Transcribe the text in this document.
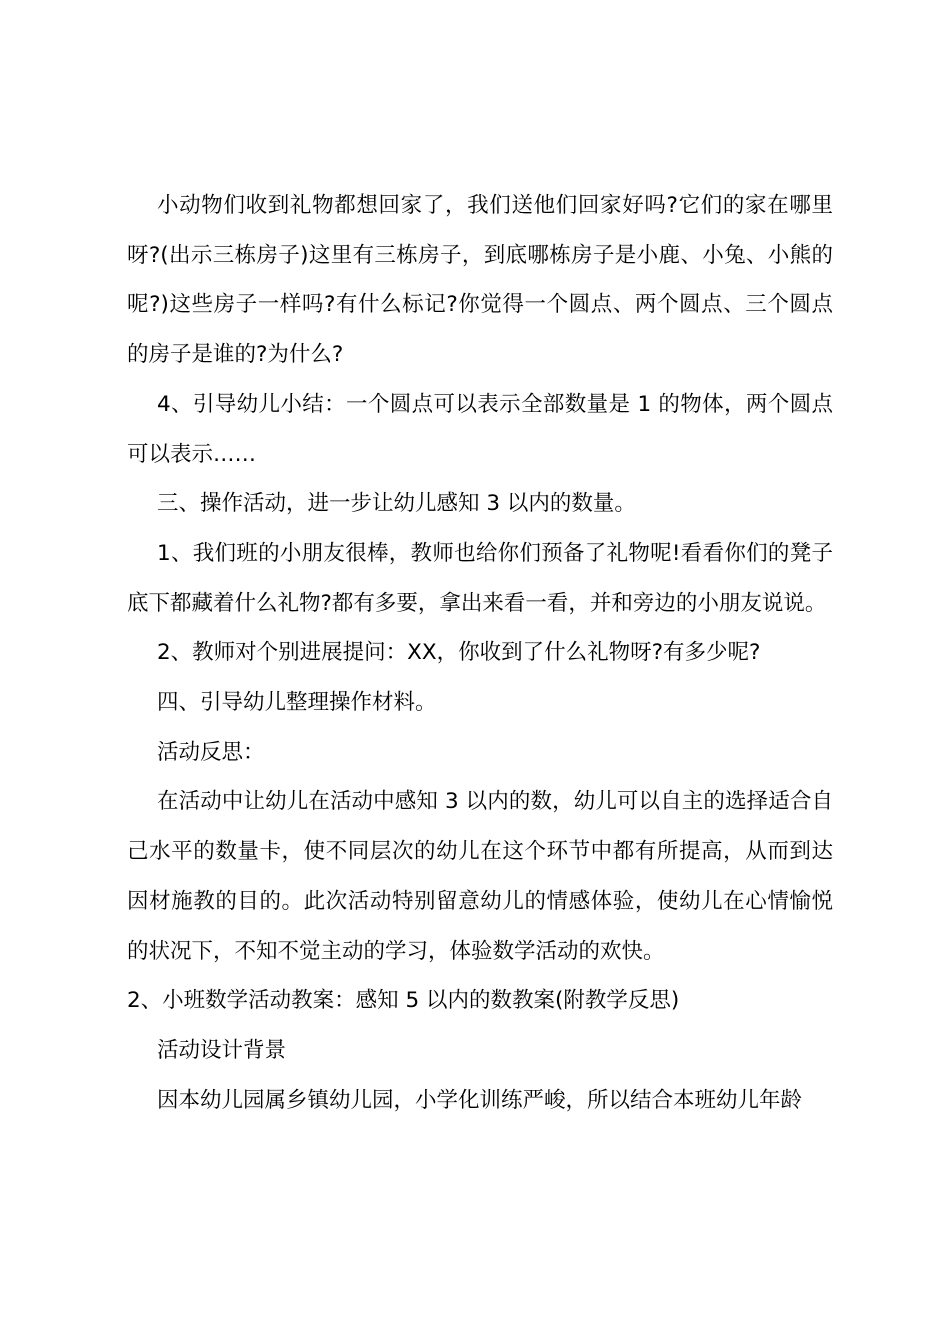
小动物们收到礼物都想回家了，我们送他们回家好吗?它们的家在哪里呀?(出示三栋房子)这里有三栋房子，到底哪栋房子是小鹿、小兔、小熊的呢?)这些房子一样吗?有什么标记?你觉得一个圆点、两个圆点、三个圆点的房子是谁的?为什么?

4、引导幼儿小结：一个圆点可以表示全部数量是 1 的物体，两个圆点可以表示……

三、操作活动，进一步让幼儿感知 3 以内的数量。

1、我们班的小朋友很棒，教师也给你们预备了礼物呢!看看你们的凳子底下都藏着什么礼物?都有多要，拿出来看一看，并和旁边的小朋友说说。

2、教师对个别进展提问：XX，你收到了什么礼物呀?有多少呢?

四、引导幼儿整理操作材料。

活动反思：

在活动中让幼儿在活动中感知 3 以内的数，幼儿可以自主的选择适合自己水平的数量卡，使不同层次的幼儿在这个环节中都有所提高，从而到达因材施教的目的。此次活动特别留意幼儿的情感体验，使幼儿在心情愉悦的状况下，不知不觉主动的学习，体验数学活动的欢快。

2、小班数学活动教案：感知 5 以内的数教案(附教学反思)

活动设计背景

因本幼儿园属乡镇幼儿园，小学化训练严峻，所以结合本班幼儿年龄
